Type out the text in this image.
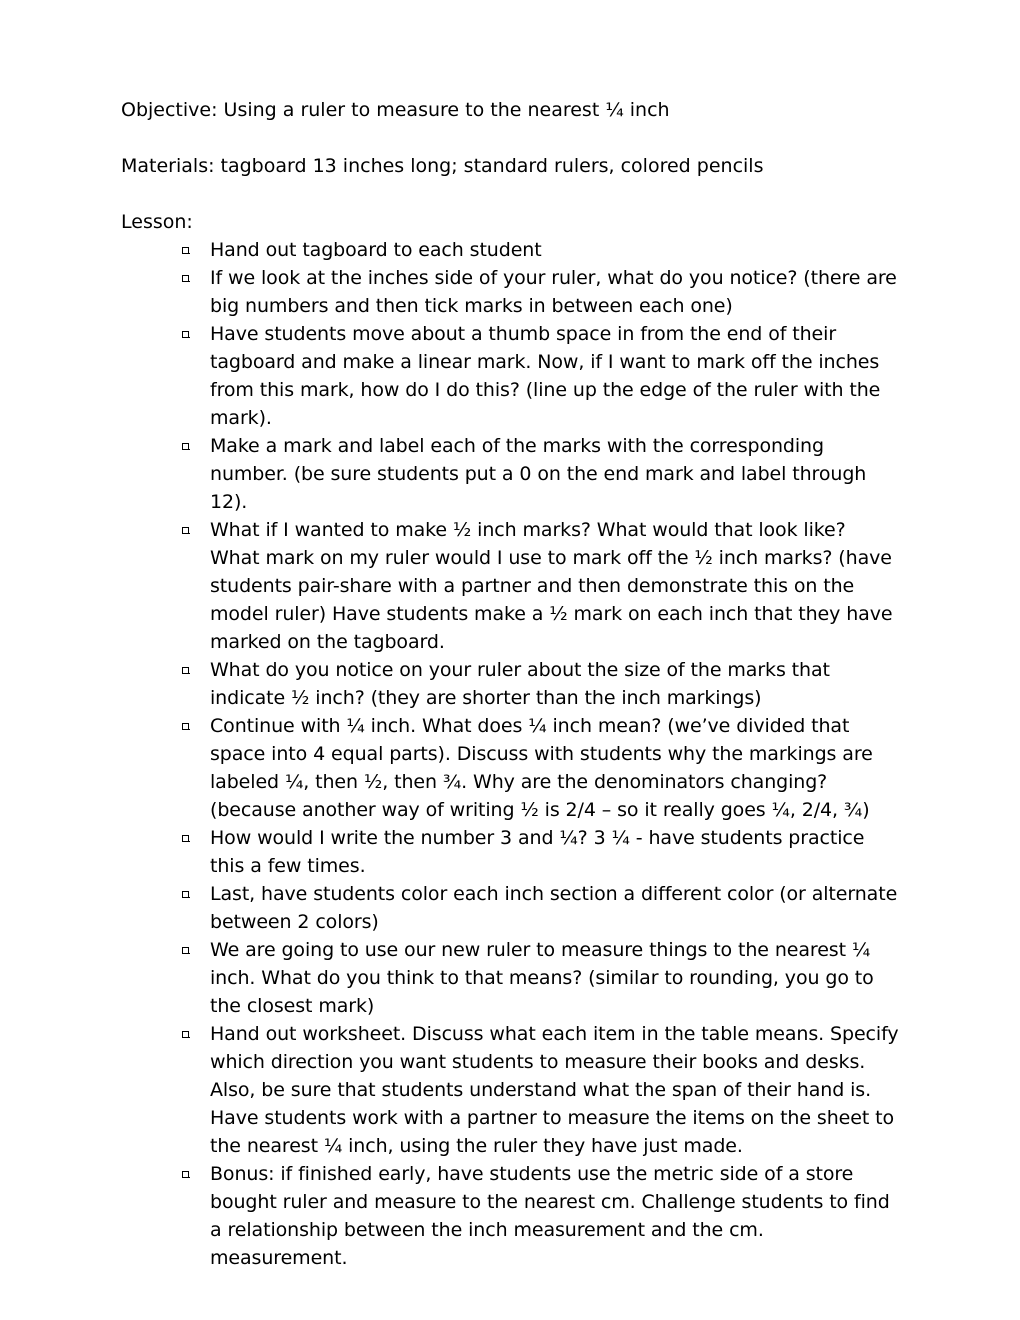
Objective: Using a ruler to measure to the nearest ¼ inch

Materials: tagboard 13 inches long; standard rulers, colored pencils

Lesson:

Hand out tagboard to each student
If we look at the inches side of your ruler, what do you notice? (there are big numbers and then tick marks in between each one)
Have students move about a thumb space in from the end of their tagboard and make a linear mark. Now, if I want to mark off the inches from this mark, how do I do this? (line up the edge of the ruler with the mark).
Make a mark and label each of the marks with the corresponding number. (be sure students put a 0 on the end mark and label through 12).
What if I wanted to make ½ inch marks? What would that look like? What mark on my ruler would I use to mark off the ½ inch marks? (have students pair-share with a partner and then demonstrate this on the model ruler) Have students make a ½ mark on each inch that they have marked on the tagboard.
What do you notice on your ruler about the size of the marks that indicate ½ inch? (they are shorter than the inch markings)
Continue with ¼ inch. What does ¼ inch mean? (we’ve divided that space into 4 equal parts). Discuss with students why the markings are labeled ¼, then ½, then ¾. Why are the denominators changing? (because another way of writing ½ is 2/4 – so it really goes ¼, 2/4, ¾)
How would I write the number 3 and ¼? 3 ¼ - have students practice this a few times.
Last, have students color each inch section a different color (or alternate between 2 colors)
We are going to use our new ruler to measure things to the nearest ¼ inch. What do you think to that means? (similar to rounding, you go to the closest mark)
Hand out worksheet. Discuss what each item in the table means. Specify which direction you want students to measure their books and desks. Also, be sure that students understand what the span of their hand is. Have students work with a partner to measure the items on the sheet to the nearest ¼ inch, using the ruler they have just made.
Bonus: if finished early, have students use the metric side of a store bought ruler and measure to the nearest cm. Challenge students to find a relationship between the inch measurement and the cm. measurement.
